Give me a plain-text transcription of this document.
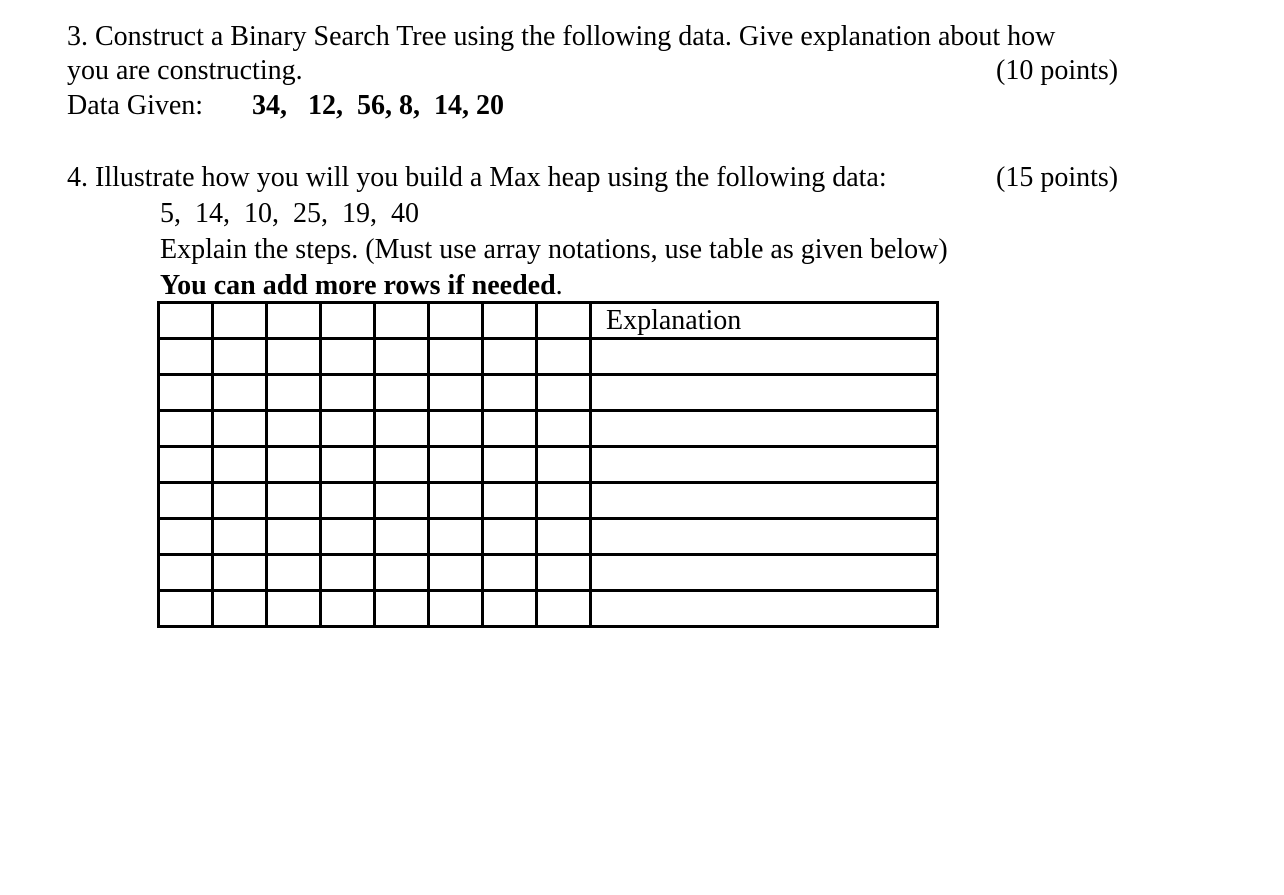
3. Construct a Binary Search Tree using the following data. Give explanation about how
you are constructing.	(10 points)
Data Given: 34,   12,  56, 8,  14, 20
4. Illustrate how you will you build a Max heap using the following data:	(15 points)
5,  14,  10,  25,  19,  40
Explain the steps. (Must use array notations, use table as given below)
You can add more rows if needed.
								Explanation
